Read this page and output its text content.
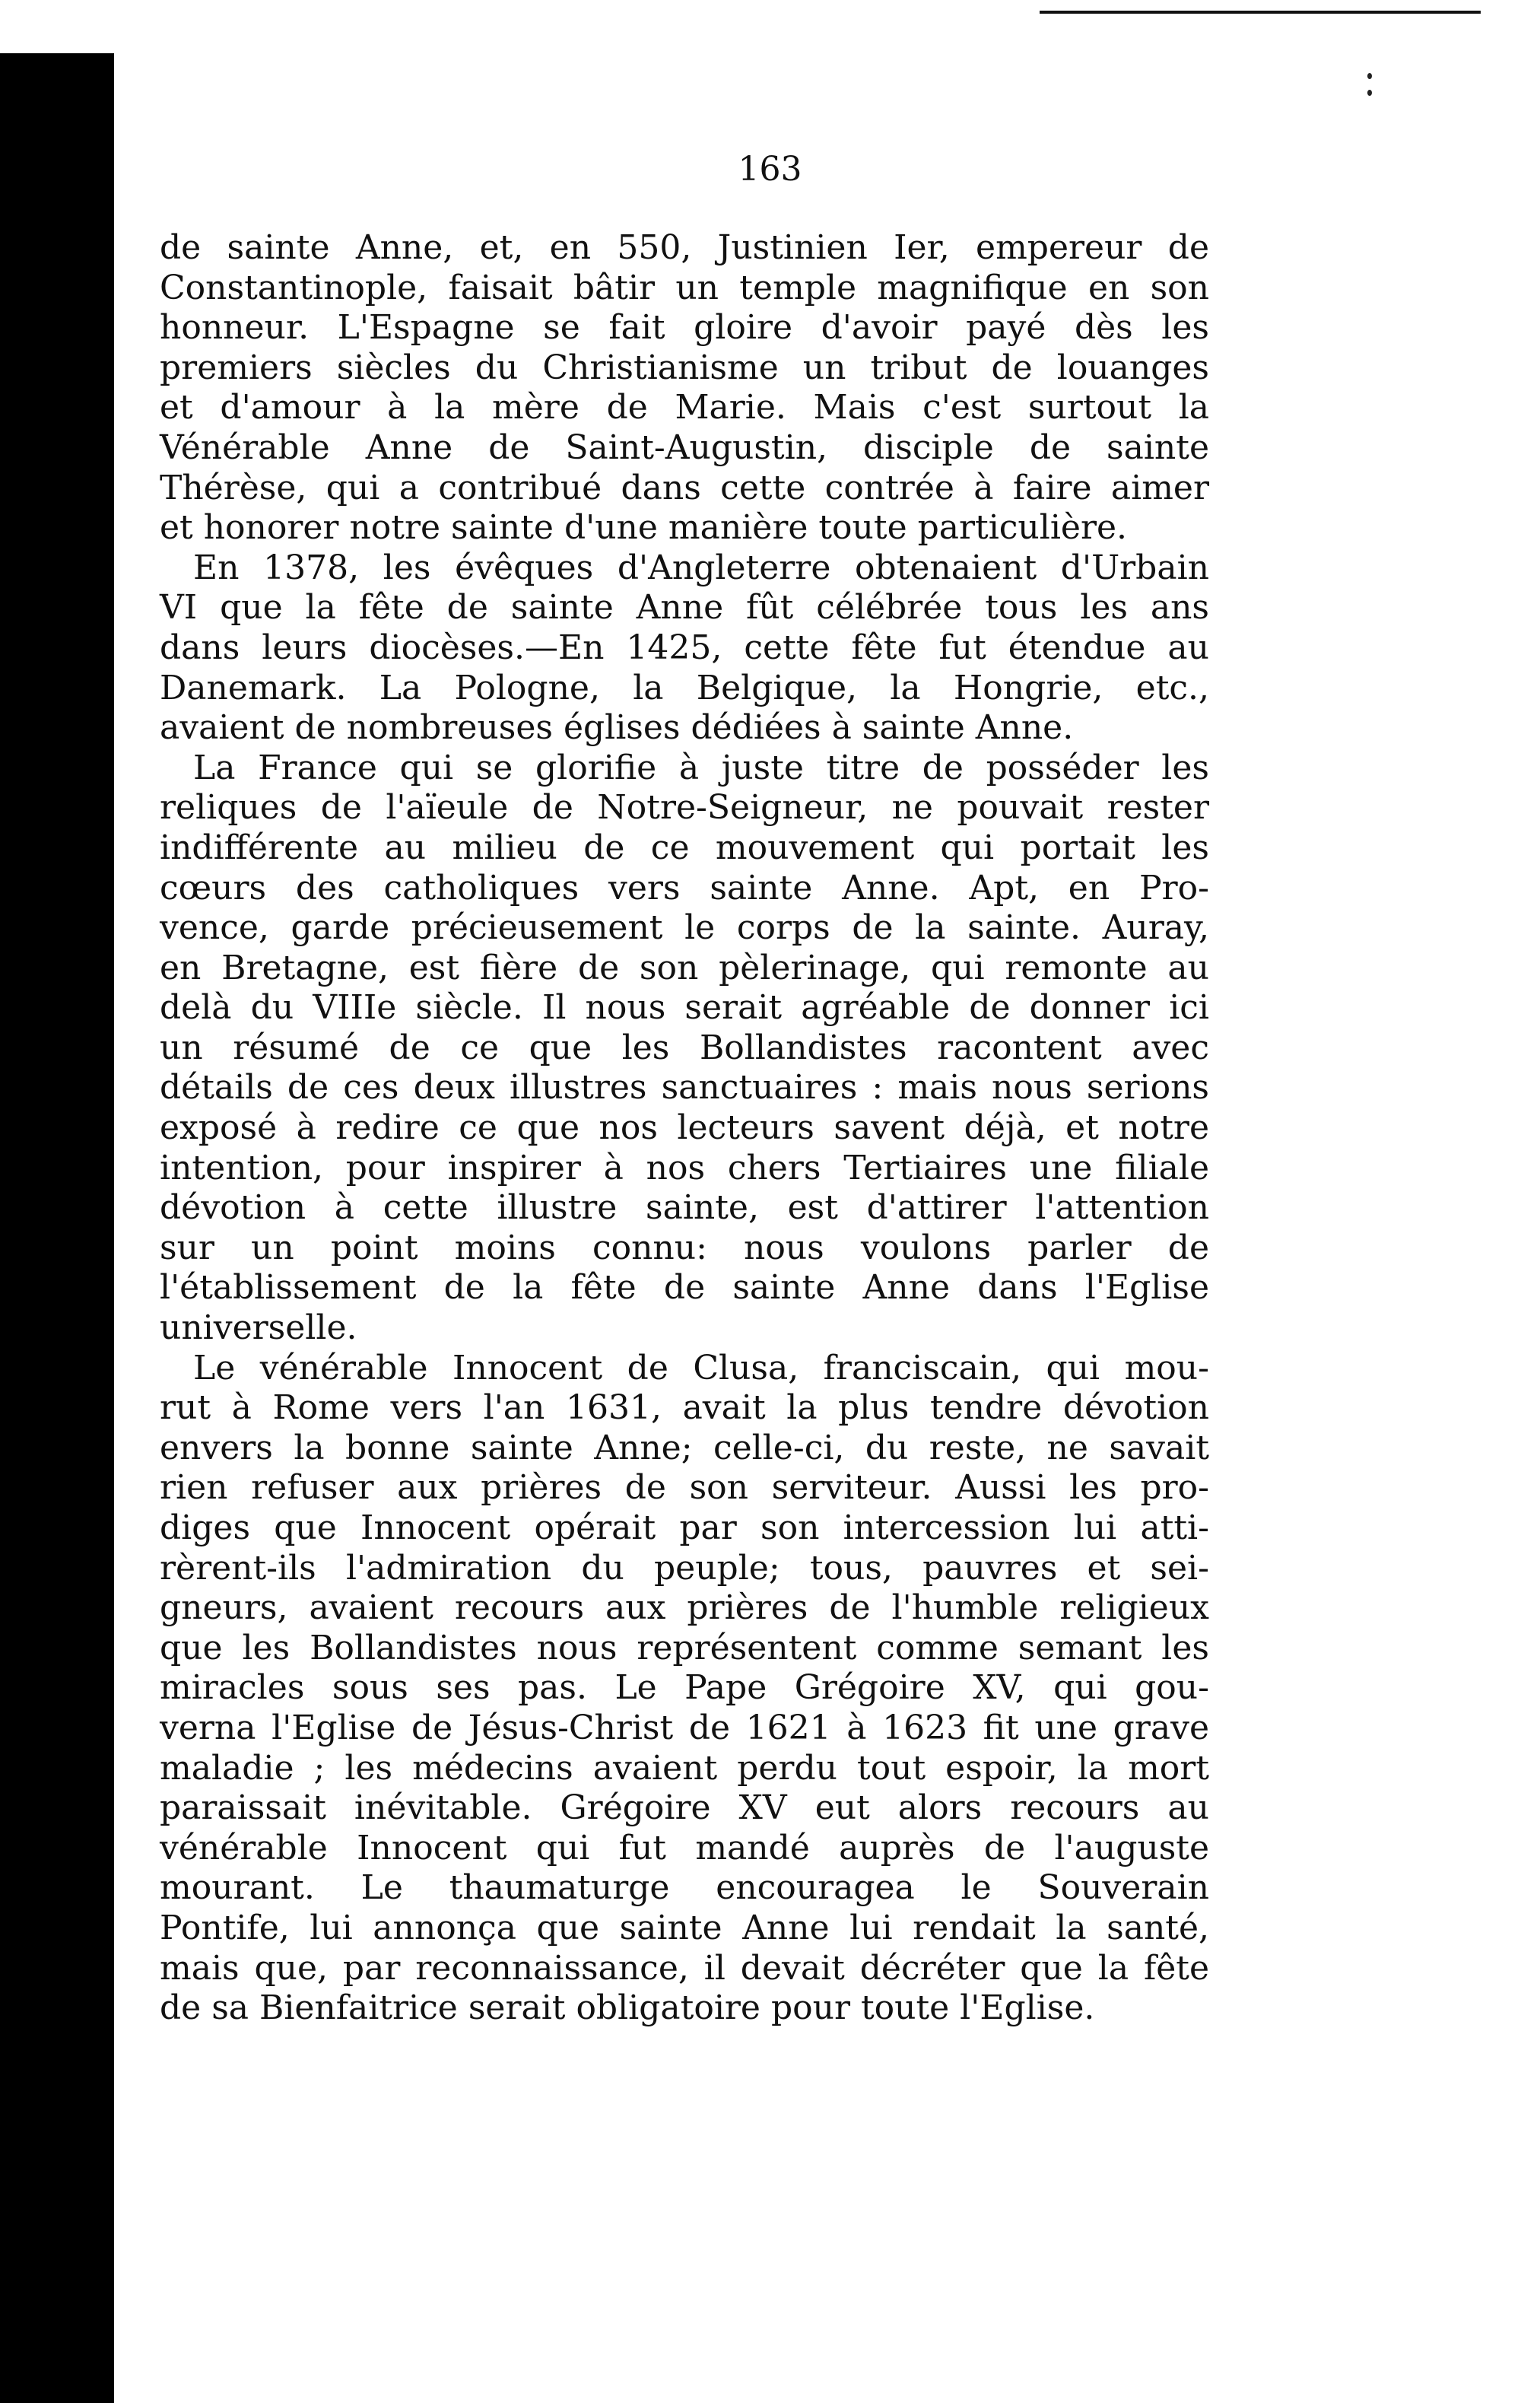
163
de sainte Anne, et, en 550, Justinien Ier, empereur de
Constantinople, faisait bâtir un temple magnifique en son
honneur. L'Espagne se fait gloire d'avoir payé dès les
premiers siècles du Christianisme un tribut de louanges
et d'amour à la mère de Marie. Mais c'est surtout la
Vénérable Anne de Saint-Augustin, disciple de sainte
Thérèse, qui a contribué dans cette contrée à faire aimer
et honorer notre sainte d'une manière toute particulière.
En 1378, les évêques d'Angleterre obtenaient d'Urbain
VI que la fête de sainte Anne fût célébrée tous les ans
dans leurs diocèses.—En 1425, cette fête fut étendue au
Danemark. La Pologne, la Belgique, la Hongrie, etc.,
avaient de nombreuses églises dédiées à sainte Anne.
La France qui se glorifie à juste titre de posséder les
reliques de l'aïeule de Notre-Seigneur, ne pouvait rester
indifférente au milieu de ce mouvement qui portait les
cœurs des catholiques vers sainte Anne. Apt, en Pro-
vence, garde précieusement le corps de la sainte. Auray,
en Bretagne, est fière de son pèlerinage, qui remonte au
delà du VIIIe siècle. Il nous serait agréable de donner ici
un résumé de ce que les Bollandistes racontent avec
détails de ces deux illustres sanctuaires : mais nous serions
exposé à redire ce que nos lecteurs savent déjà, et notre
intention, pour inspirer à nos chers Tertiaires une filiale
dévotion à cette illustre sainte, est d'attirer l'attention
sur un point moins connu: nous voulons parler de
l'établissement de la fête de sainte Anne dans l'Eglise
universelle.
Le vénérable Innocent de Clusa, franciscain, qui mou-
rut à Rome vers l'an 1631, avait la plus tendre dévotion
envers la bonne sainte Anne; celle-ci, du reste, ne savait
rien refuser aux prières de son serviteur. Aussi les pro-
diges que Innocent opérait par son intercession lui atti-
rèrent-ils l'admiration du peuple; tous, pauvres et sei-
gneurs, avaient recours aux prières de l'humble religieux
que les Bollandistes nous représentent comme semant les
miracles sous ses pas. Le Pape Grégoire XV, qui gou-
verna l'Eglise de Jésus-Christ de 1621 à 1623 fit une grave
maladie ; les médecins avaient perdu tout espoir, la mort
paraissait inévitable. Grégoire XV eut alors recours au
vénérable Innocent qui fut mandé auprès de l'auguste
mourant. Le thaumaturge encouragea le Souverain
Pontife, lui annonça que sainte Anne lui rendait la santé,
mais que, par reconnaissance, il devait décréter que la fête
de sa Bienfaitrice serait obligatoire pour toute l'Eglise.
